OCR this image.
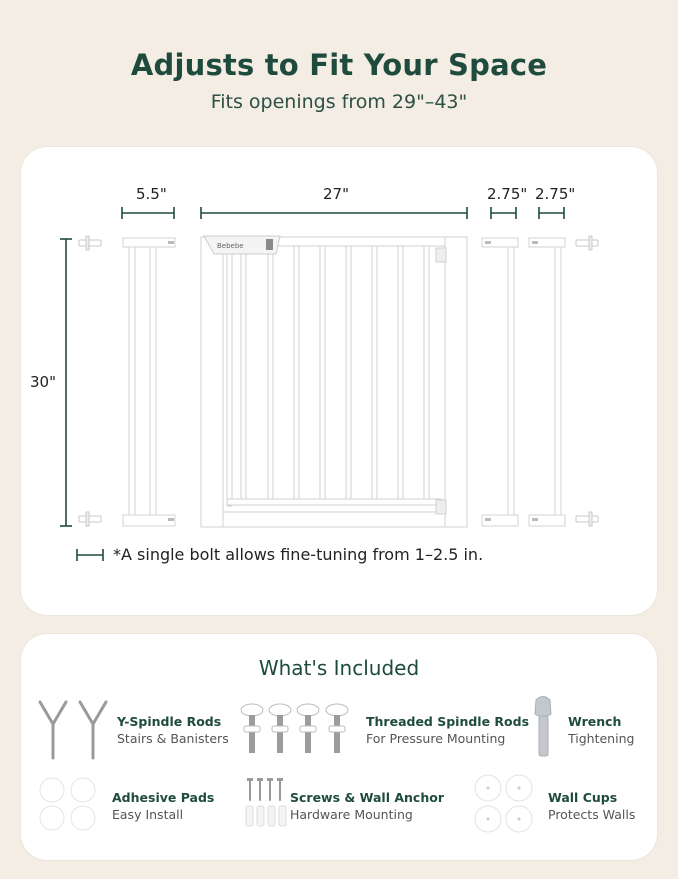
Adjusts to Fit Your Space
Fits openings from 29"–43"
Bebebe
5.5"	27"	2.75" 2.75"
30"
*A single bolt allows fine-tuning from 1–2.5 in.
What's Included
Y-Spindle Rods
Stairs & Banisters
Threaded Spindle Rods
For Pressure Mounting
Wrench
Tightening
Adhesive Pads
Easy Install
Screws & Wall Anchor
Hardware Mounting
Wall Cups
Protects Walls
